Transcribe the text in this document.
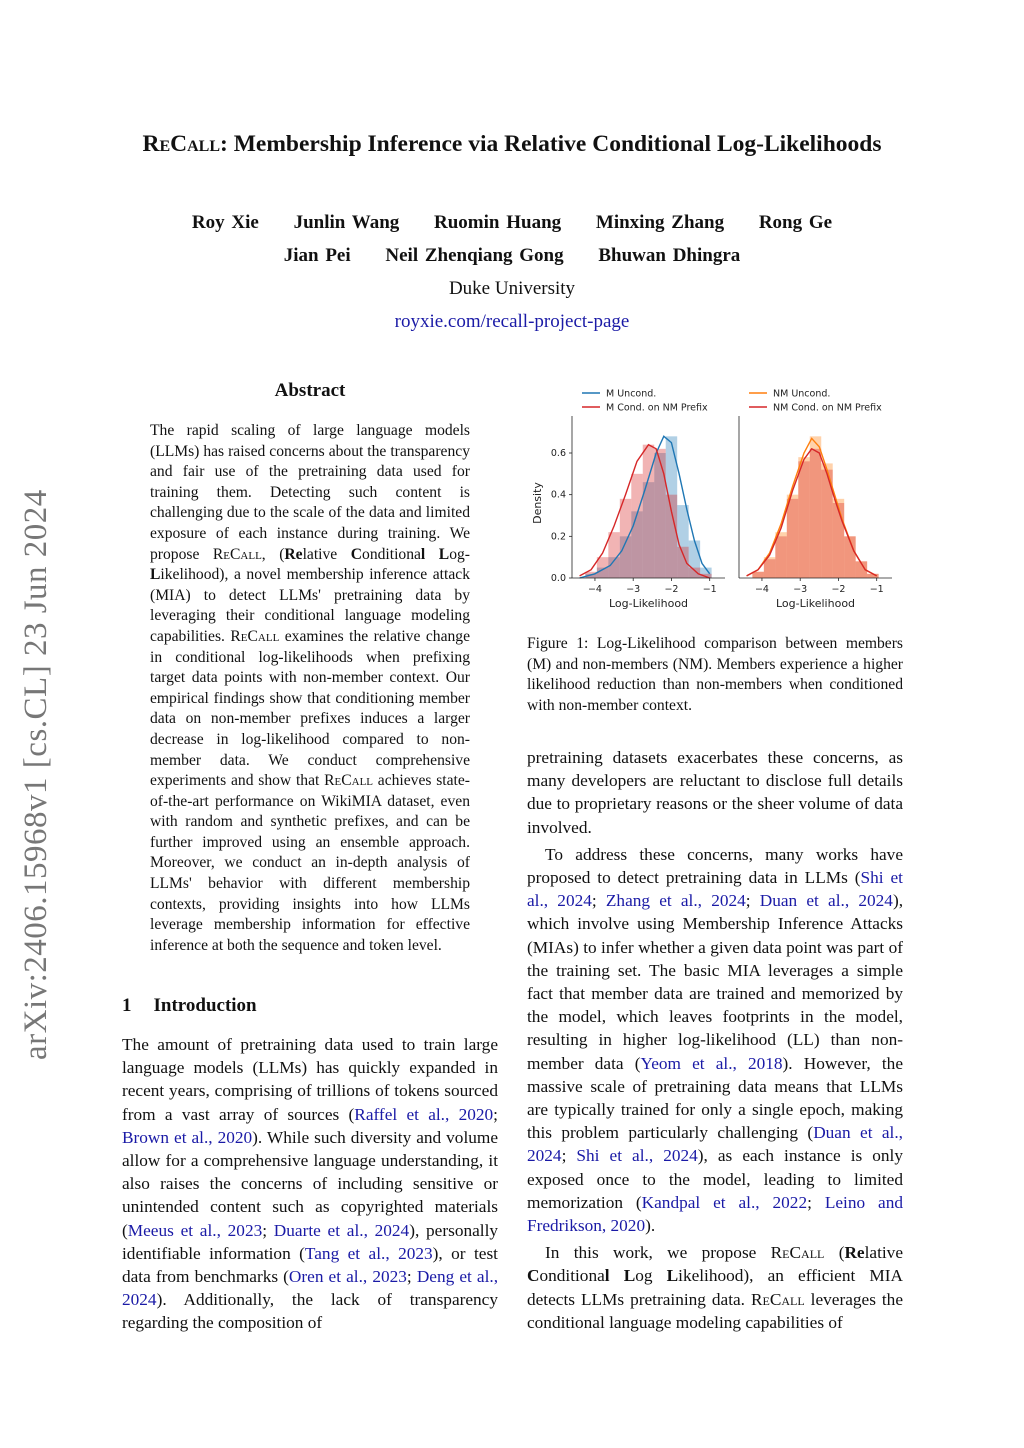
arXiv:2406.15968v1 [cs.CL] 23 Jun 2024
ReCall: Membership Inference via Relative Conditional Log-Likelihoods
Roy Xie Junlin Wang Ruomin Huang Minxing Zhang Rong Ge
Jian Pei Neil Zhenqiang Gong Bhuwan Dhingra
Duke University
royxie.com/recall-project-page
Abstract
The rapid scaling of large language models (LLMs) has raised concerns about the transparency and fair use of the pretraining data used for training them. Detecting such content is challenging due to the scale of the data and limited exposure of each instance during training. We propose ReCall, (Relative Conditional Log-Likelihood), a novel membership inference attack (MIA) to detect LLMs' pretraining data by leveraging their conditional language modeling capabilities. ReCall examines the relative change in conditional log-likelihoods when prefixing target data points with non-member context. Our empirical findings show that conditioning member data on non-member prefixes induces a larger decrease in log-likelihood compared to non-member data. We conduct comprehensive experiments and show that ReCall achieves state-of-the-art performance on WikiMIA dataset, even with random and synthetic prefixes, and can be further improved using an ensemble approach. Moreover, we conduct an in-depth analysis of LLMs' behavior with different membership contexts, providing insights into how LLMs leverage membership information for effective inference at both the sequence and token level.
1 Introduction
The amount of pretraining data used to train large language models (LLMs) has quickly expanded in recent years, comprising of trillions of tokens sourced from a vast array of sources (Raffel et al., 2020; Brown et al., 2020). While such diversity and volume allow for a comprehensive language understanding, it also raises the concerns of including sensitive or unintended content such as copyrighted materials (Meeus et al., 2023; Duarte et al., 2024), personally identifiable information (Tang et al., 2023), or test data from benchmarks (Oren et al., 2023; Deng et al., 2024). Additionally, the lack of transparency regarding the composition of
−4	−3	−2	−1
0.0
0.2
0.4
0.6
Log-Likelihood
Density
M Uncond.
M Cond. on NM Prefix
−4	−3	−2	−1
Log-Likelihood
NM Uncond.
NM Cond. on NM Prefix
Figure 1: Log-Likelihood comparison between members (M) and non-members (NM). Members experience a higher likelihood reduction than non-members when conditioned with non-member context.

pretraining datasets exacerbates these concerns, as many developers are reluctant to disclose full details due to proprietary reasons or the sheer volume of data involved.

To address these concerns, many works have proposed to detect pretraining data in LLMs (Shi et al., 2024; Zhang et al., 2024; Duan et al., 2024), which involve using Membership Inference Attacks (MIAs) to infer whether a given data point was part of the training set. The basic MIA leverages a simple fact that member data are trained and memorized by the model, which leaves footprints in the model, resulting in higher log-likelihood (LL) than non-member data (Yeom et al., 2018). However, the massive scale of pretraining data means that LLMs are typically trained for only a single epoch, making this problem particularly challenging (Duan et al., 2024; Shi et al., 2024), as each instance is only exposed once to the model, leading to limited memorization (Kandpal et al., 2022; Leino and Fredrikson, 2020).

In this work, we propose ReCall (Relative Conditional Log Likelihood), an efficient MIA detects LLMs pretraining data. ReCall leverages the conditional language modeling capabilities of
